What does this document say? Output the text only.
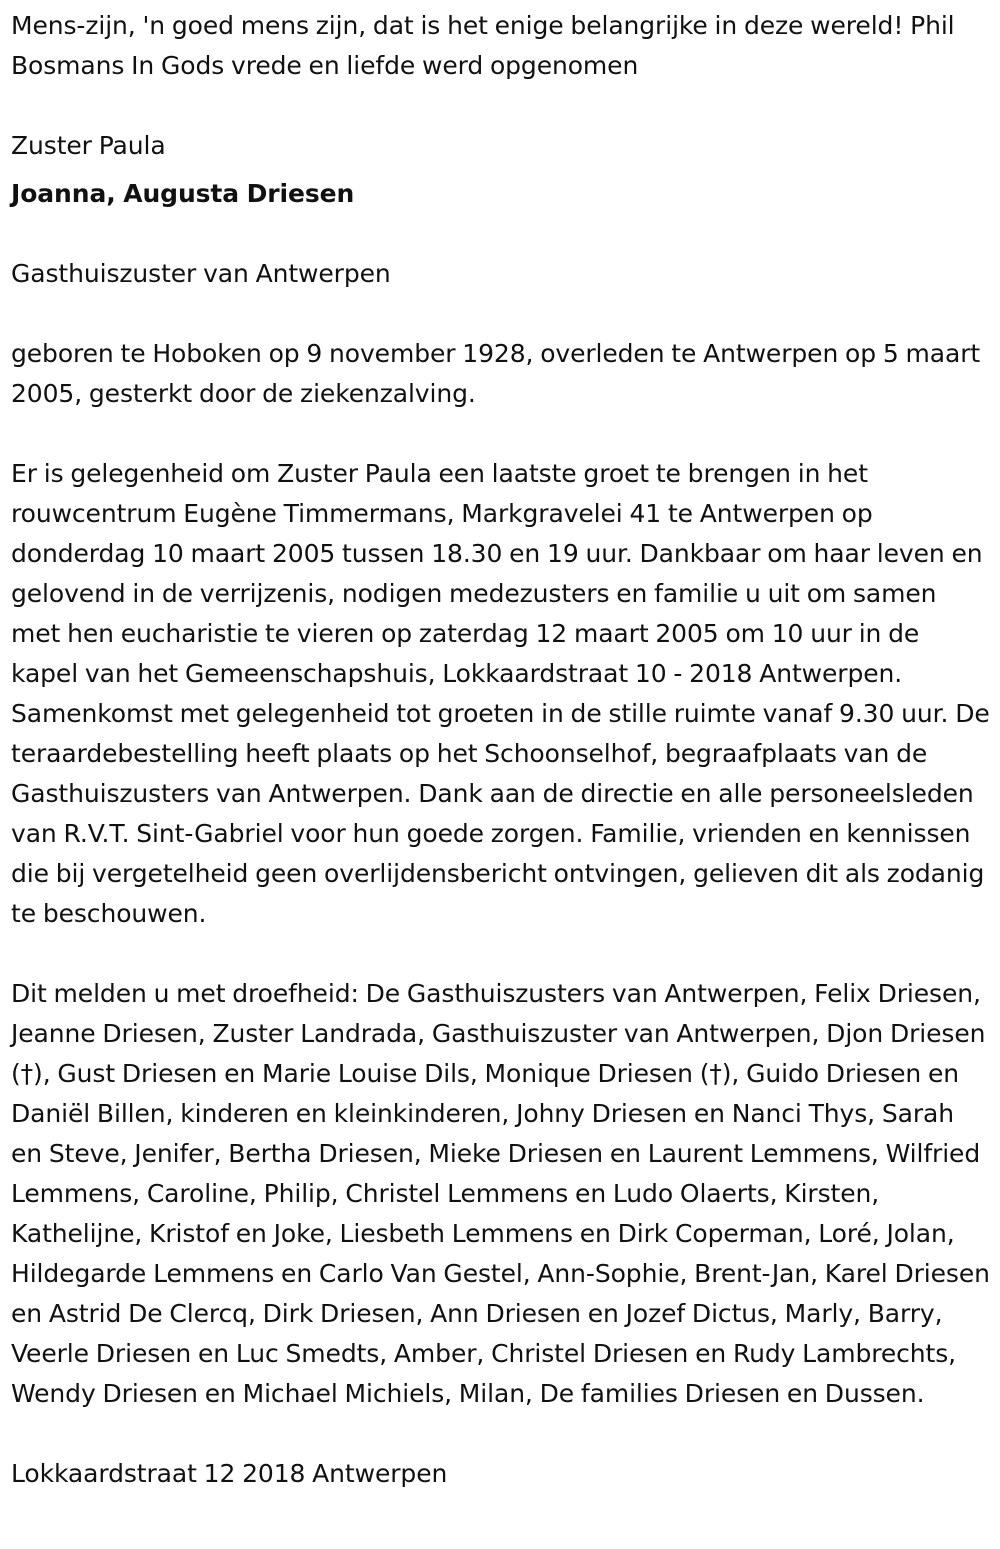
Mens-zijn, 'n goed mens zijn, dat is het enige belangrijke in deze wereld! Phil Bosmans In Gods vrede en liefde werd opgenomen

Zuster Paula

Joanna, Augusta Driesen

Gasthuiszuster van Antwerpen

geboren te Hoboken op 9 november 1928, overleden te Antwerpen op 5 maart 2005, gesterkt door de ziekenzalving.

Er is gelegenheid om Zuster Paula een laatste groet te brengen in het rouwcentrum Eugène Timmermans, Markgravelei 41 te Antwerpen op donderdag 10 maart 2005 tussen 18.30 en 19 uur. Dankbaar om haar leven en gelovend in de verrijzenis, nodigen medezusters en familie u uit om samen met hen eucharistie te vieren op zaterdag 12 maart 2005 om 10 uur in de kapel van het Gemeenschapshuis, Lokkaardstraat 10 - 2018 Antwerpen. Samenkomst met gelegenheid tot groeten in de stille ruimte vanaf 9.30 uur. De teraardebestelling heeft plaats op het Schoonselhof, begraafplaats van de Gasthuiszusters van Antwerpen. Dank aan de directie en alle personeelsleden van R.V.T. Sint-Gabriel voor hun goede zorgen. Familie, vrienden en kennissen die bij vergetelheid geen overlijdensbericht ontvingen, gelieven dit als zodanig te beschouwen.

Dit melden u met droefheid: De Gasthuiszusters van Antwerpen, Felix Driesen, Jeanne Driesen, Zuster Landrada, Gasthuiszuster van Antwerpen, Djon Driesen (†), Gust Driesen en Marie Louise Dils, Monique Driesen (†), Guido Driesen en Daniël Billen, kinderen en kleinkinderen, Johny Driesen en Nanci Thys, Sarah en Steve, Jenifer, Bertha Driesen, Mieke Driesen en Laurent Lemmens, Wilfried Lemmens, Caroline, Philip, Christel Lemmens en Ludo Olaerts, Kirsten, Kathelijne, Kristof en Joke, Liesbeth Lemmens en Dirk Coperman, Loré, Jolan, Hildegarde Lemmens en Carlo Van Gestel, Ann-Sophie, Brent-Jan, Karel Driesen en Astrid De Clercq, Dirk Driesen, Ann Driesen en Jozef Dictus, Marly, Barry, Veerle Driesen en Luc Smedts, Amber, Christel Driesen en Rudy Lambrechts, Wendy Driesen en Michael Michiels, Milan, De families Driesen en Dussen.

Lokkaardstraat 12 2018 Antwerpen
